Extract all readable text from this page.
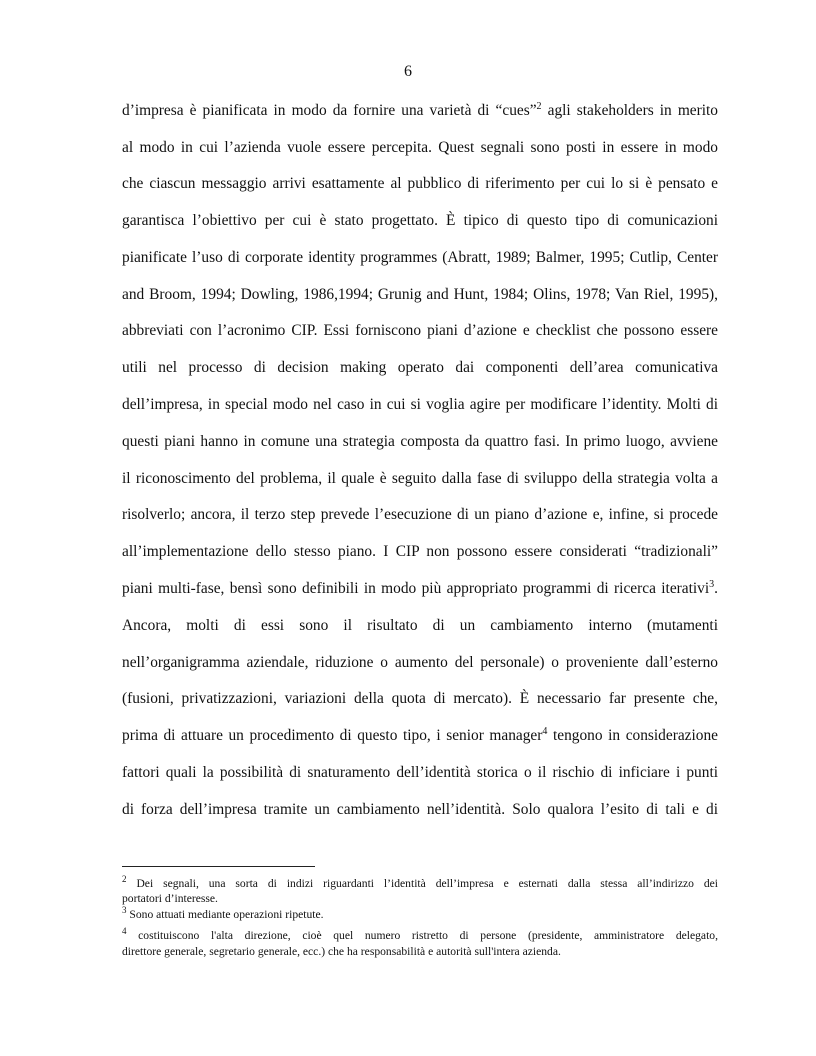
6
d’impresa è pianificata in modo da fornire una varietà di “cues”$^2$ agli stakeholders in merito
al modo in cui l’azienda vuole essere percepita. Quest segnali sono posti in essere in modo
che ciascun messaggio arrivi esattamente al pubblico di riferimento per cui lo si è pensato e
garantisca l’obiettivo per cui è stato progettato. È tipico di questo tipo di comunicazioni
pianificate l’uso di corporate identity programmes (Abratt, 1989; Balmer, 1995; Cutlip, Center
and Broom, 1994; Dowling, 1986,1994; Grunig and Hunt, 1984; Olins, 1978; Van Riel, 1995),
abbreviati con l’acronimo CIP. Essi forniscono piani d’azione e checklist che possono essere
utili nel processo di decision making operato dai componenti dell’area comunicativa
dell’impresa, in special modo nel caso in cui si voglia agire per modificare l’identity. Molti di
questi piani hanno in comune una strategia composta da quattro fasi. In primo luogo, avviene
il riconoscimento del problema, il quale è seguito dalla fase di sviluppo della strategia volta a
risolverlo; ancora, il terzo step prevede l’esecuzione di un piano d’azione e, infine, si procede
all’implementazione dello stesso piano. I CIP non possono essere considerati “tradizionali”
piani multi-fase, bensì sono definibili in modo più appropriato programmi di ricerca iterativi$^3$.
Ancora, molti di essi sono il risultato di un cambiamento interno (mutamenti
nell’organigramma aziendale, riduzione o aumento del personale) o proveniente dall’esterno
(fusioni, privatizzazioni, variazioni della quota di mercato). È necessario far presente che,
prima di attuare un procedimento di questo tipo, i senior manager$^4$ tengono in considerazione
fattori quali la possibilità di snaturamento dell’identità storica o il rischio di inficiare i punti
di forza dell’impresa tramite un cambiamento nell’identità. Solo qualora l’esito di tali e di
$^2$ Dei segnali, una sorta di indizi riguardanti l’identità dell’impresa e esternati dalla stessa all’indirizzo dei
portatori d’interesse.
$^3$ Sono attuati mediante operazioni ripetute.
$^4$ costituiscono l'alta direzione, cioè quel numero ristretto di persone (presidente, amministratore delegato,
direttore generale, segretario generale, ecc.) che ha responsabilità e autorità sull'intera azienda.
